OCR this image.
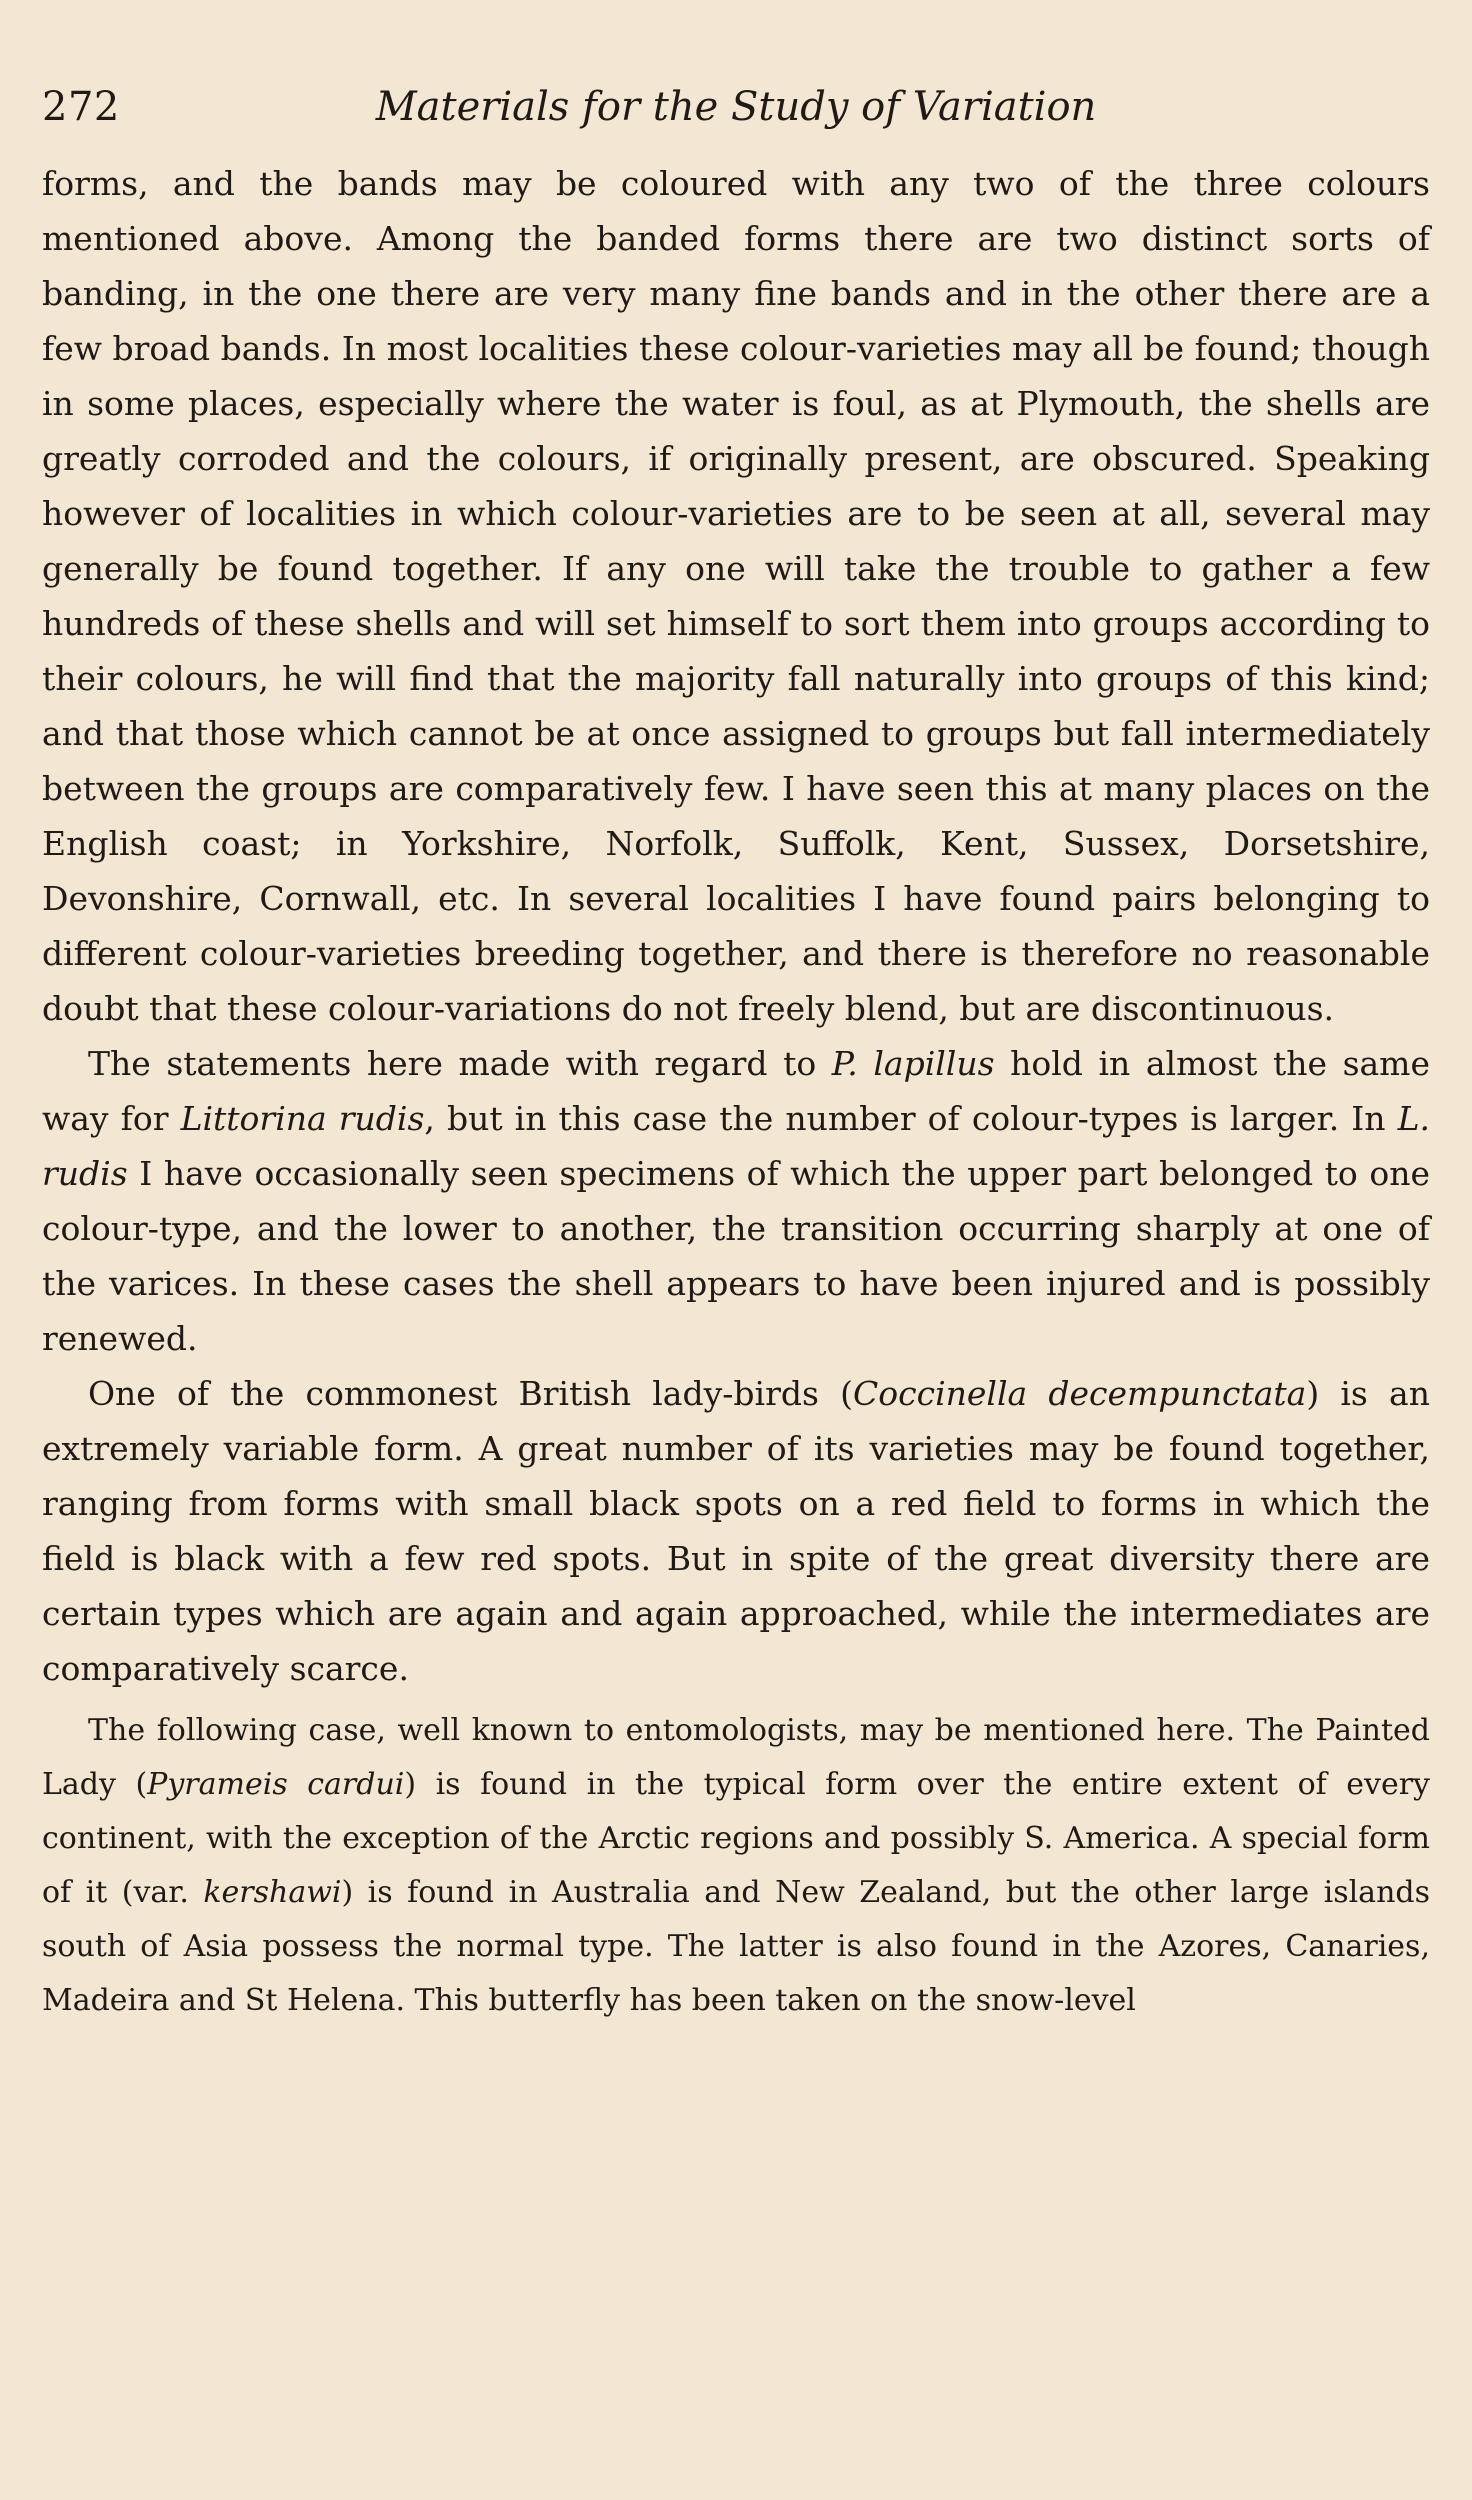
272	Materials for the Study of Variation

forms, and the bands may be coloured with any two of the three colours mentioned above. Among the banded forms there are two distinct sorts of banding, in the one there are very many fine bands and in the other there are a few broad bands. In most localities these colour-varieties may all be found; though in some places, especially where the water is foul, as at Plymouth, the shells are greatly corroded and the colours, if originally present, are obscured. Speaking however of localities in which colour-varieties are to be seen at all, several may generally be found together. If any one will take the trouble to gather a few hundreds of these shells and will set himself to sort them into groups according to their colours, he will find that the majority fall naturally into groups of this kind; and that those which cannot be at once assigned to groups but fall intermediately between the groups are comparatively few. I have seen this at many places on the English coast; in Yorkshire, Norfolk, Suffolk, Kent, Sussex, Dorsetshire, Devonshire, Cornwall, etc. In several localities I have found pairs belonging to different colour-varieties breeding together, and there is therefore no reasonable doubt that these colour-variations do not freely blend, but are discontinuous.

The statements here made with regard to P. lapillus hold in almost the same way for Littorina rudis, but in this case the number of colour-types is larger. In L. rudis I have occasionally seen specimens of which the upper part belonged to one colour-type, and the lower to another, the transition occurring sharply at one of the varices. In these cases the shell appears to have been injured and is possibly renewed.

One of the commonest British lady-birds (Coccinella decempunctata) is an extremely variable form. A great number of its varieties may be found together, ranging from forms with small black spots on a red field to forms in which the field is black with a few red spots. But in spite of the great diversity there are certain types which are again and again approached, while the intermediates are comparatively scarce.

The following case, well known to entomologists, may be mentioned here. The Painted Lady (Pyrameis cardui) is found in the typical form over the entire extent of every continent, with the exception of the Arctic regions and possibly S. America. A special form of it (var. kershawi) is found in Australia and New Zealand, but the other large islands south of Asia possess the normal type. The latter is also found in the Azores, Canaries, Madeira and St Helena. This butterfly has been taken on the snow-level
